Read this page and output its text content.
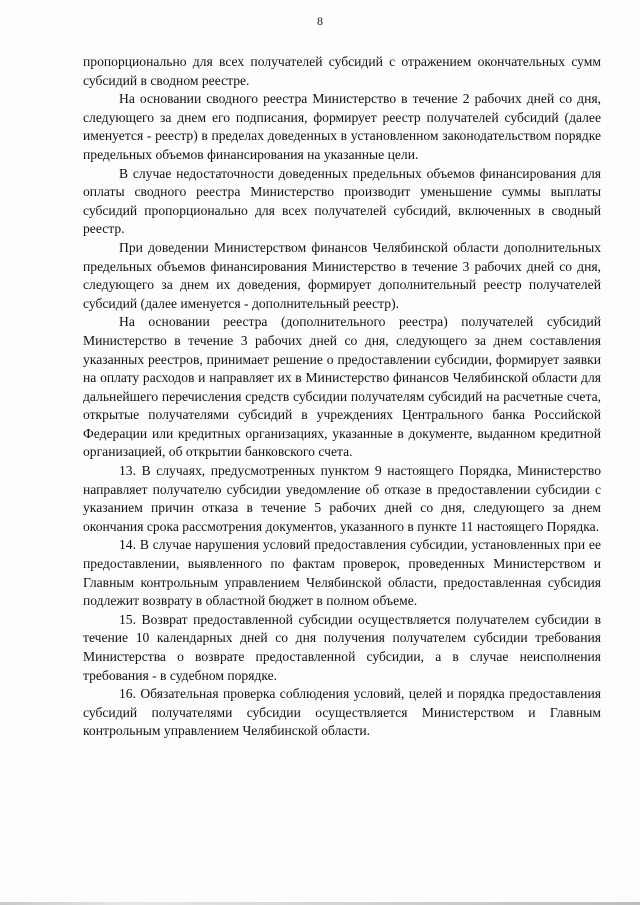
8

пропорционально для всех получателей субсидий с отражением окончательных сумм субсидий в сводном реестре.

На основании сводного реестра Министерство в течение 2 рабочих дней со дня, следующего за днем его подписания, формирует реестр получателей субсидий (далее именуется - реестр) в пределах доведенных в установленном законодательством порядке предельных объемов финансирования на указанные цели.

В случае недостаточности доведенных предельных объемов финансирования для оплаты сводного реестра Министерство производит уменьшение суммы выплаты субсидий пропорционально для всех получателей субсидий, включенных в сводный реестр.

При доведении Министерством финансов Челябинской области дополнительных предельных объемов финансирования Министерство в течение 3 рабочих дней со дня, следующего за днем их доведения, формирует дополнительный реестр получателей субсидий (далее именуется - дополнительный реестр).

На основании реестра (дополнительного реестра) получателей субсидий Министерство в течение 3 рабочих дней со дня, следующего за днем составления указанных реестров, принимает решение о предоставлении субсидии, формирует заявки на оплату расходов и направляет их в Министерство финансов Челябинской области для дальнейшего перечисления средств субсидии получателям субсидий на расчетные счета, открытые получателями субсидий в учреждениях Центрального банка Российской Федерации или кредитных организациях, указанные в документе, выданном кредитной организацией, об открытии банковского счета.

13. В случаях, предусмотренных пунктом 9 настоящего Порядка, Министерство направляет получателю субсидии уведомление об отказе в предоставлении субсидии с указанием причин отказа в течение 5 рабочих дней со дня, следующего за днем окончания срока рассмотрения документов, указанного в пункте 11 настоящего Порядка.

14. В случае нарушения условий предоставления субсидии, установленных при ее предоставлении, выявленного по фактам проверок, проведенных Министерством и Главным контрольным управлением Челябинской области, предоставленная субсидия подлежит возврату в областной бюджет в полном объеме.

15. Возврат предоставленной субсидии осуществляется получателем субсидии в течение 10 календарных дней со дня получения получателем субсидии требования Министерства о возврате предоставленной субсидии, а в случае неисполнения требования - в судебном порядке.

16. Обязательная проверка соблюдения условий, целей и порядка предоставления субсидий получателями субсидии осуществляется Министерством и Главным контрольным управлением Челябинской области.
